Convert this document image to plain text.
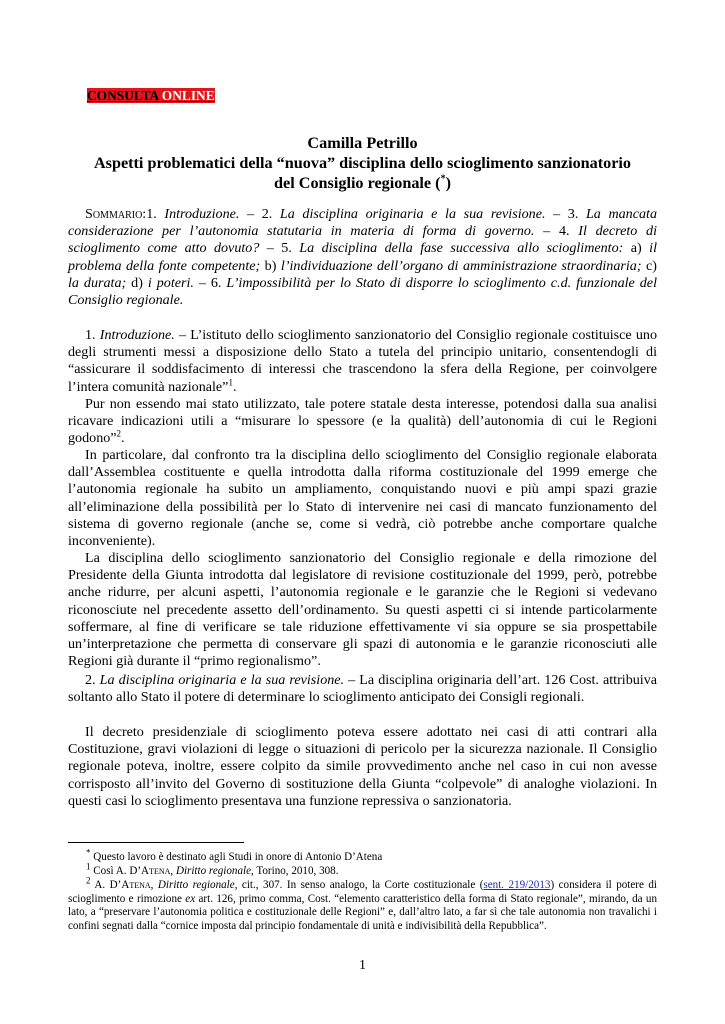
CONSULTA ONLINE
Camilla Petrillo
Aspetti problematici della “nuova” disciplina dello scioglimento sanzionatorio
del Consiglio regionale (*)
Sommario:1. Introduzione. – 2. La disciplina originaria e la sua revisione. – 3. La mancata considerazione per l’autonomia statutaria in materia di forma di governo. – 4. Il decreto di scioglimento come atto dovuto? – 5. La disciplina della fase successiva allo scioglimento: a) il problema della fonte competente; b) l’individuazione dell’organo di amministrazione straordinaria; c) la durata; d) i poteri. – 6. L’impossibilità per lo Stato di disporre lo scioglimento c.d. funzionale del Consiglio regionale.
1. Introduzione. – L’istituto dello scioglimento sanzionatorio del Consiglio regionale costituisce uno degli strumenti messi a disposizione dello Stato a tutela del principio unitario, consentendogli di “assicurare il soddisfacimento di interessi che trascendono la sfera della Regione, per coinvolgere l’intera comunità nazionale”$^1$.
Pur non essendo mai stato utilizzato, tale potere statale desta interesse, potendosi dalla sua analisi ricavare indicazioni utili a “misurare lo spessore (e la qualità) dell’autonomia di cui le Regioni godono”$^2$.
In particolare, dal confronto tra la disciplina dello scioglimento del Consiglio regionale elaborata dall’Assemblea costituente e quella introdotta dalla riforma costituzionale del 1999 emerge che l’autonomia regionale ha subito un ampliamento, conquistando nuovi e più ampi spazi grazie all’eliminazione della possibilità per lo Stato di intervenire nei casi di mancato funzionamento del sistema di governo regionale (anche se, come si vedrà, ciò potrebbe anche comportare qualche inconveniente).
La disciplina dello scioglimento sanzionatorio del Consiglio regionale e della rimozione del Presidente della Giunta introdotta dal legislatore di revisione costituzionale del 1999, però, potrebbe anche ridurre, per alcuni aspetti, l’autonomia regionale e le garanzie che le Regioni si vedevano riconosciute nel precedente assetto dell’ordinamento. Su questi aspetti ci si intende particolarmente soffermare, al fine di verificare se tale riduzione effettivamente vi sia oppure se sia prospettabile un’interpretazione che permetta di conservare gli spazi di autonomia e le garanzie riconosciuti alle Regioni già durante il “primo regionalismo”.
2. La disciplina originaria e la sua revisione. – La disciplina originaria dell’art. 126 Cost. attribuiva soltanto allo Stato il potere di determinare lo scioglimento anticipato dei Consigli regionali.
Il decreto presidenziale di scioglimento poteva essere adottato nei casi di atti contrari alla Costituzione, gravi violazioni di legge o situazioni di pericolo per la sicurezza nazionale. Il Consiglio regionale poteva, inoltre, essere colpito da simile provvedimento anche nel caso in cui non avesse corrisposto all’invito del Governo di sostituzione della Giunta “colpevole” di analoghe violazioni. In questi casi lo scioglimento presentava una funzione repressiva o sanzionatoria.
* Questo lavoro è destinato agli Studi in onore di Antonio D’Atena
$^1$ Così A. D’Atena, Diritto regionale, Torino, 2010, 308.
$^2$ A. D’Atena, Diritto regionale, cit., 307. In senso analogo, la Corte costituzionale (sent. 219/2013) considera il potere di scioglimento e rimozione ex art. 126, primo comma, Cost. “elemento caratteristico della forma di Stato regionale”, mirando, da un lato, a “preservare l’autonomia politica e costituzionale delle Regioni” e, dall’altro lato, a far sì che tale autonomia non travalichi i confini segnati dalla “cornice imposta dal principio fondamentale di unità e indivisibilità della Repubblica”.
1
